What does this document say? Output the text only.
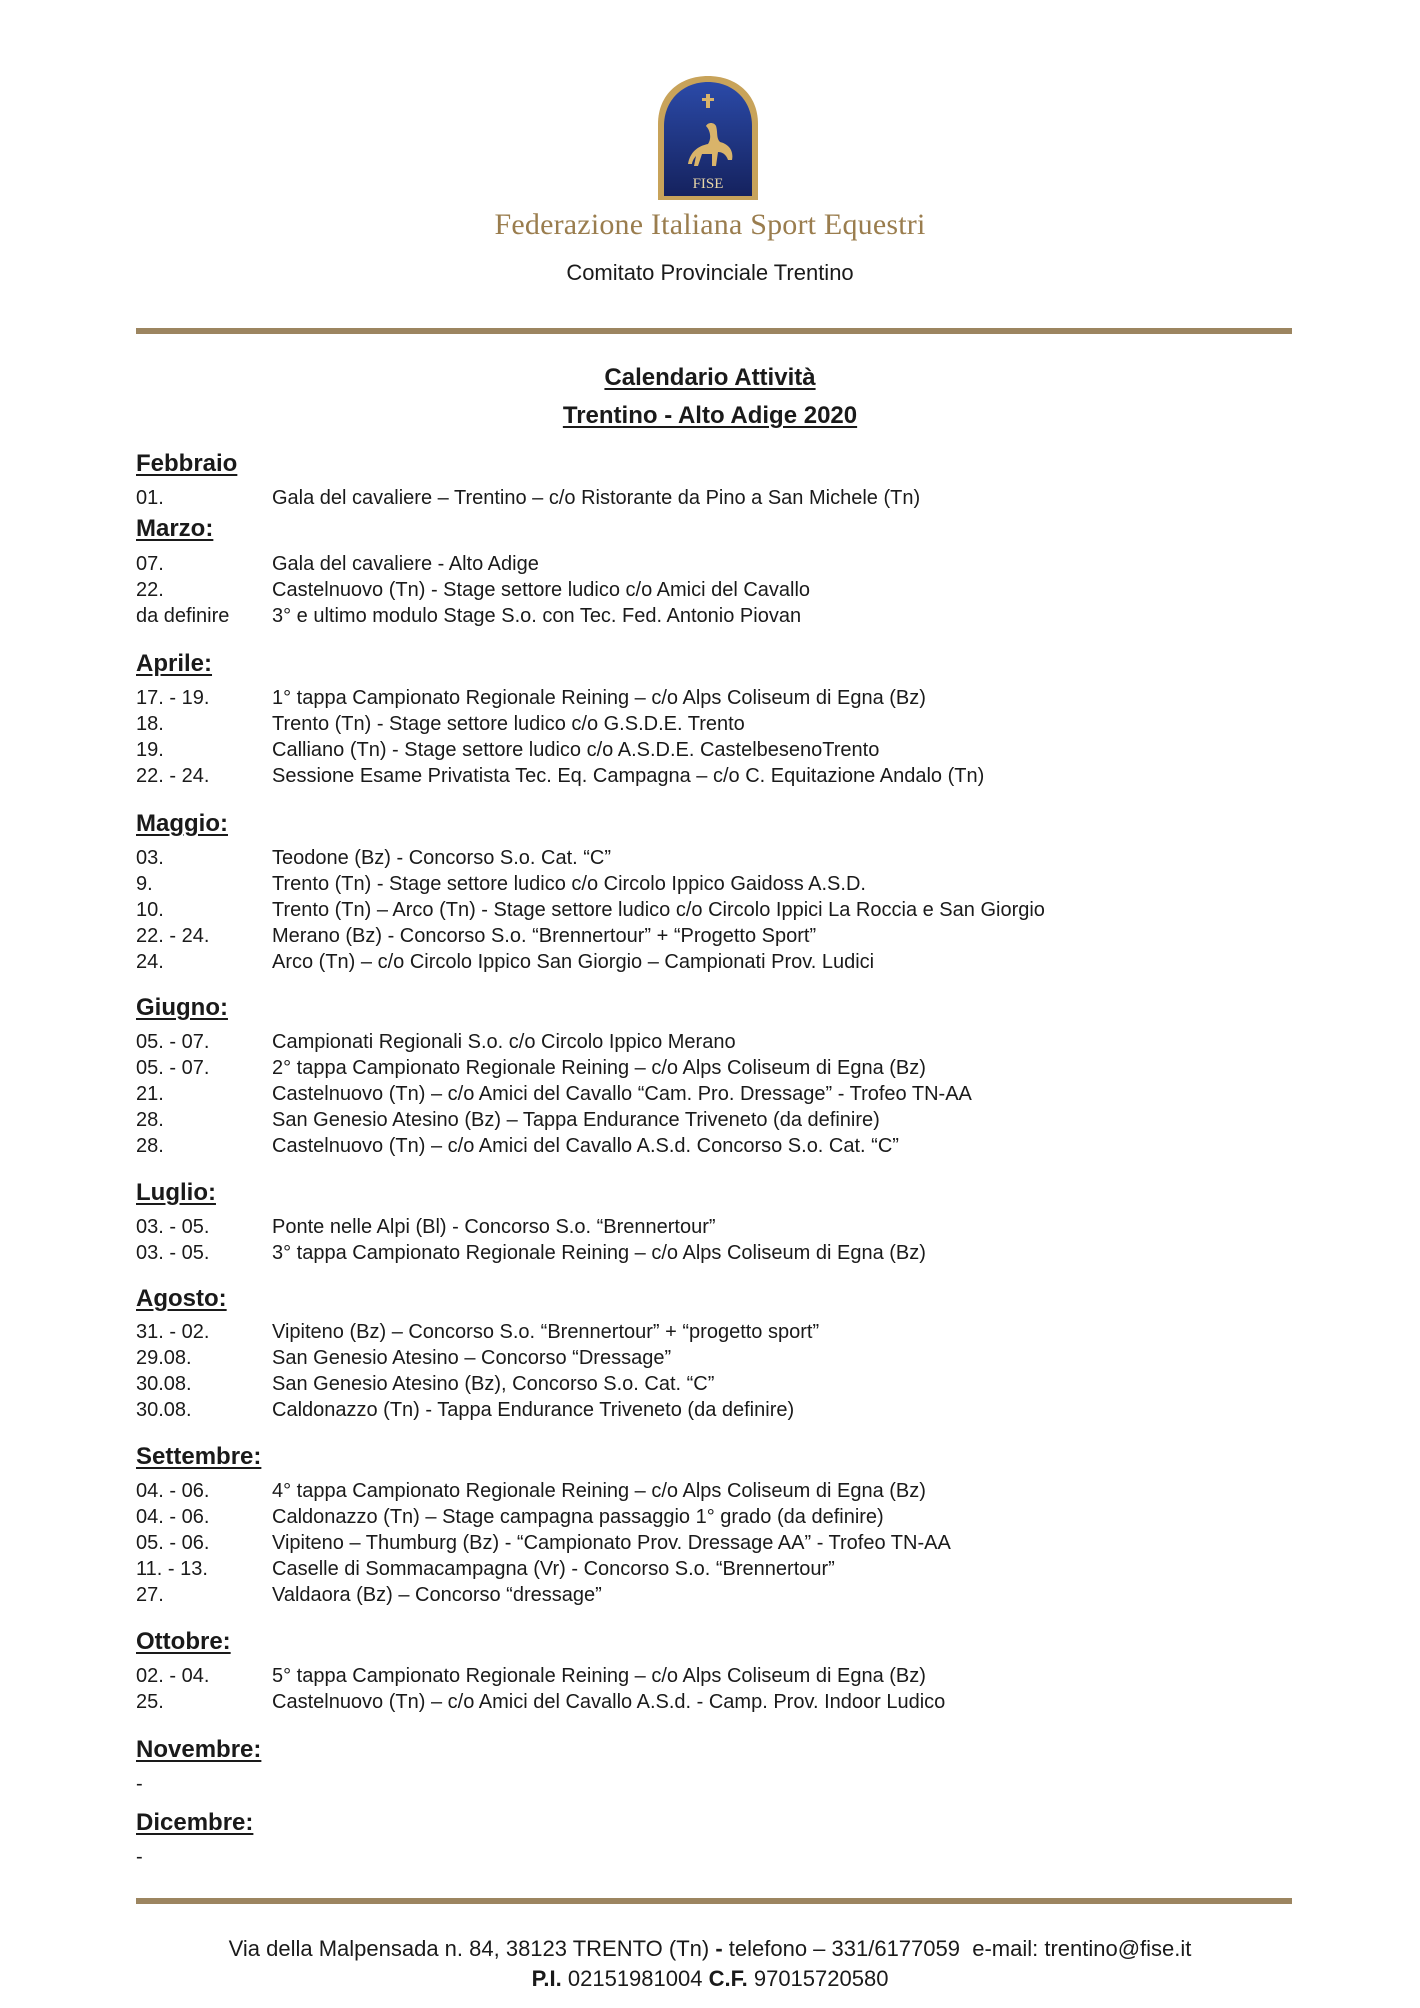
FISE
Federazione Italiana Sport Equestri
Comitato Provinciale Trentino
Calendario Attività
Trentino - Alto Adige 2020
Febbraio
01.	Gala del cavaliere – Trentino – c/o Ristorante da Pino a San Michele (Tn)
Marzo:
07.	Gala del cavaliere - Alto Adige
22.	Castelnuovo (Tn) - Stage settore ludico c/o Amici del Cavallo
da definire	3° e ultimo modulo Stage S.o. con Tec. Fed. Antonio Piovan
Aprile:
17. - 19.	1° tappa Campionato Regionale Reining – c/o Alps Coliseum di Egna (Bz)
18.	Trento (Tn) - Stage settore ludico c/o G.S.D.E. Trento
19.	Calliano (Tn) - Stage settore ludico c/o A.S.D.E. CastelbesenoTrento
22. - 24.	Sessione Esame Privatista Tec. Eq. Campagna – c/o C. Equitazione Andalo (Tn)
Maggio:
03.	Teodone (Bz) - Concorso S.o. Cat. “C”
9.	Trento (Tn) - Stage settore ludico c/o Circolo Ippico Gaidoss A.S.D.
10.	Trento (Tn) – Arco (Tn) - Stage settore ludico c/o Circolo Ippici La Roccia e San Giorgio
22. - 24.	Merano (Bz) - Concorso S.o. “Brennertour” + “Progetto Sport”
24.	Arco (Tn) – c/o Circolo Ippico San Giorgio – Campionati Prov. Ludici
Giugno:
05. - 07.	Campionati Regionali S.o. c/o Circolo Ippico Merano
05. - 07.	2° tappa Campionato Regionale Reining – c/o Alps Coliseum di Egna (Bz)
21.	Castelnuovo (Tn) – c/o Amici del Cavallo “Cam. Pro. Dressage” - Trofeo TN-AA
28.	San Genesio Atesino (Bz) – Tappa Endurance Triveneto (da definire)
28.	Castelnuovo (Tn) – c/o Amici del Cavallo A.S.d. Concorso S.o. Cat. “C”
Luglio:
03. - 05.	Ponte nelle Alpi (Bl) - Concorso S.o. “Brennertour”
03. - 05.	3° tappa Campionato Regionale Reining – c/o Alps Coliseum di Egna (Bz)
Agosto:
31. - 02.	Vipiteno (Bz) – Concorso S.o. “Brennertour” + “progetto sport”
29.08.	San Genesio Atesino – Concorso “Dressage”
30.08.	San Genesio Atesino (Bz), Concorso S.o. Cat. “C”
30.08.	Caldonazzo (Tn) - Tappa Endurance Triveneto (da definire)
Settembre:
04. - 06.	4° tappa Campionato Regionale Reining – c/o Alps Coliseum di Egna (Bz)
04. - 06.	Caldonazzo (Tn) – Stage campagna passaggio 1° grado (da definire)
05. - 06.	Vipiteno – Thumburg (Bz) - “Campionato Prov. Dressage AA” - Trofeo TN-AA
11. - 13.	Caselle di Sommacampagna (Vr) - Concorso S.o. “Brennertour”
27.	Valdaora (Bz) – Concorso “dressage”
Ottobre:
02. - 04.	5° tappa Campionato Regionale Reining – c/o Alps Coliseum di Egna (Bz)
25.	Castelnuovo (Tn) – c/o Amici del Cavallo A.S.d. - Camp. Prov. Indoor Ludico
Novembre:
-
Dicembre:
-
Via della Malpensada n. 84, 38123 TRENTO (Tn) - telefono – 331/6177059 e-mail: trentino@fise.it
P.I. 02151981004 C.F. 97015720580
